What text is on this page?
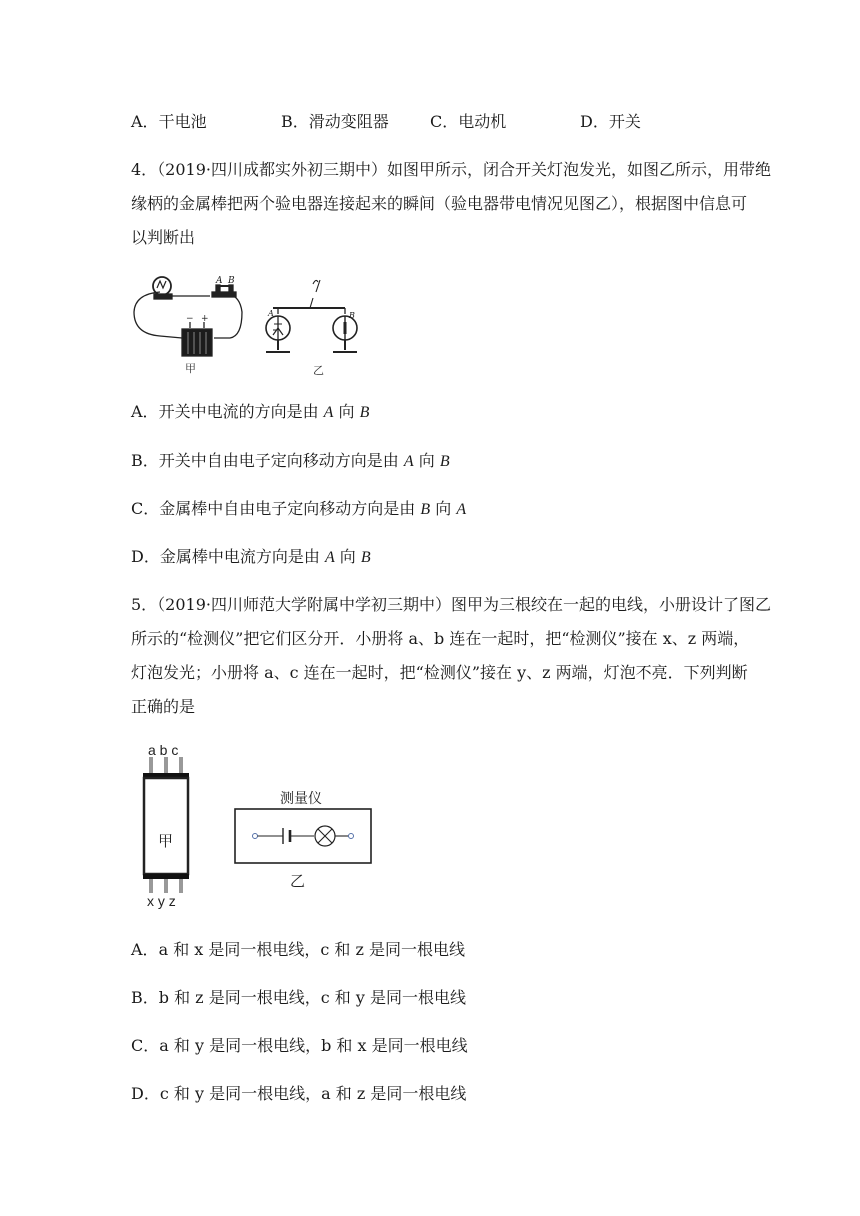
A．干电池	B．滑动变阻器	C．电动机	D．开关
4．（2019·四川成都实外初三期中）如图甲所示，闭合开关灯泡发光，如图乙所示，用带绝
缘柄的金属棒把两个验电器连接起来的瞬间（验电器带电情况见图乙），根据图中信息可
以判断出
A B
− +
甲
A	B
乙
A．开关中电流的方向是由 A 向 B
B．开关中自由电子定向移动方向是由 A 向 B
C．金属棒中自由电子定向移动方向是由 B 向 A
D．金属棒中电流方向是由 A 向 B
5．（2019·四川师范大学附属中学初三期中）图甲为三根绞在一起的电线，小册设计了图乙
所示的“检测仪”把它们区分开．小册将 a、b 连在一起时，把“检测仪”接在 x、z 两端，
灯泡发光；小册将 a、c 连在一起时，把“检测仪”接在 y、z 两端，灯泡不亮．下列判断
正确的是
a b c
x y z
甲
测量仪
乙
A．a 和 x 是同一根电线，c 和 z 是同一根电线
B．b 和 z 是同一根电线，c 和 y 是同一根电线
C．a 和 y 是同一根电线，b 和 x 是同一根电线
D．c 和 y 是同一根电线，a 和 z 是同一根电线
